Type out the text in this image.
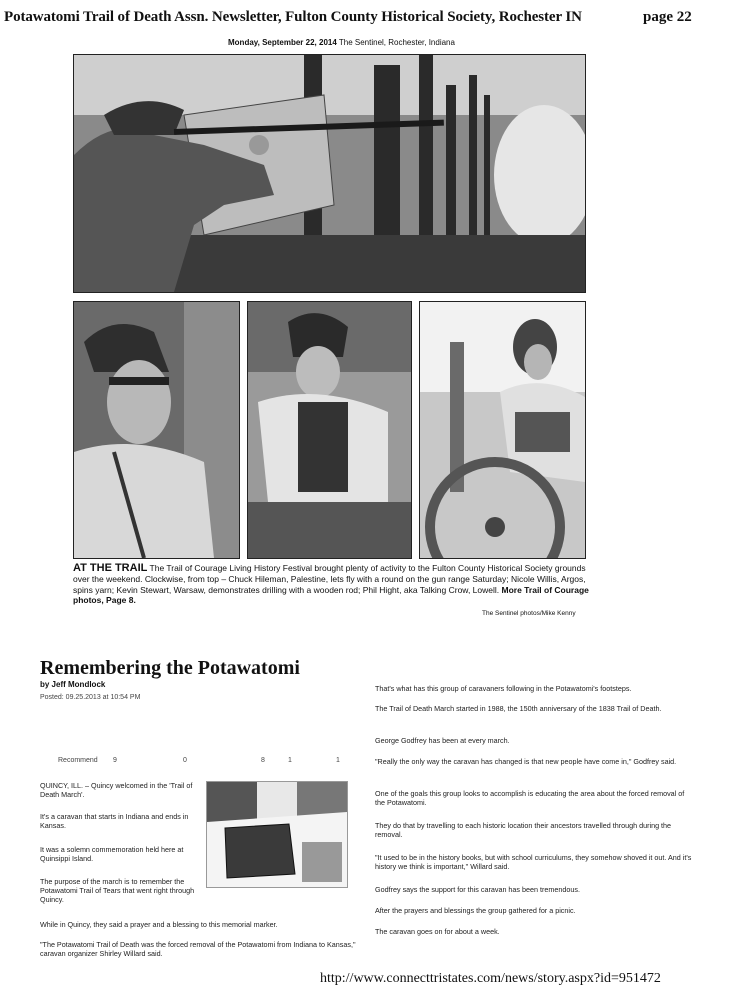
Potawatomi Trail of Death Assn. Newsletter, Fulton County Historical Society, Rochester IN	page 22
Monday, September 22, 2014 The Sentinel, Rochester, Indiana
AT THE TRAIL The Trail of Courage Living History Festival brought plenty of activity to the Fulton County Historical Society grounds over the weekend. Clockwise, from top – Chuck Hileman, Palestine, lets fly with a round on the gun range Saturday; Nicole Willis, Argos, spins yarn; Kevin Stewart, Warsaw, demonstrates drilling with a wooden rod; Phil Hight, aka Talking Crow, Lowell. More Trail of Courage photos, Page 8.
The Sentinel photos/Mike Kenny
Remembering the Potawatomi
by Jeff Mondlock
Posted: 09.25.2013 at 10:54 PM
Recommend 9	0	8	1	1
QUINCY, ILL. – Quincy welcomed in the 'Trail of Death March'.
It's a caravan that starts in Indiana and ends in Kansas.
It was a solemn commemoration held here at Quinsippi Island.
The purpose of the march is to remember the Potawatomi Trail of Tears that went right through Quincy.
While in Quincy, they said a prayer and a blessing to this memorial marker.
"The Potawatomi Trail of Death was the forced removal of the Potawatomi from Indiana to Kansas," caravan organizer Shirley Willard said.
That's what has this group of caravaners following in the Potawatomi's footsteps.
The Trail of Death March started in 1988, the 150th anniversary of the 1838 Trail of Death.
George Godfrey has been at every march.
"Really the only way the caravan has changed is that new people have come in," Godfrey said.
One of the goals this group looks to accomplish is educating the area about the forced removal of the Potawatomi.
They do that by travelling to each historic location their ancestors travelled through during the removal.
"It used to be in the history books, but with school curriculums, they somehow shoved it out. And it's history we think is important," Willard said.
Godfrey says the support for this caravan has been tremendous.
After the prayers and blessings the group gathered for a picnic.
The caravan goes on for about a week.
http://www.connecttristates.com/news/story.aspx?id=951472
